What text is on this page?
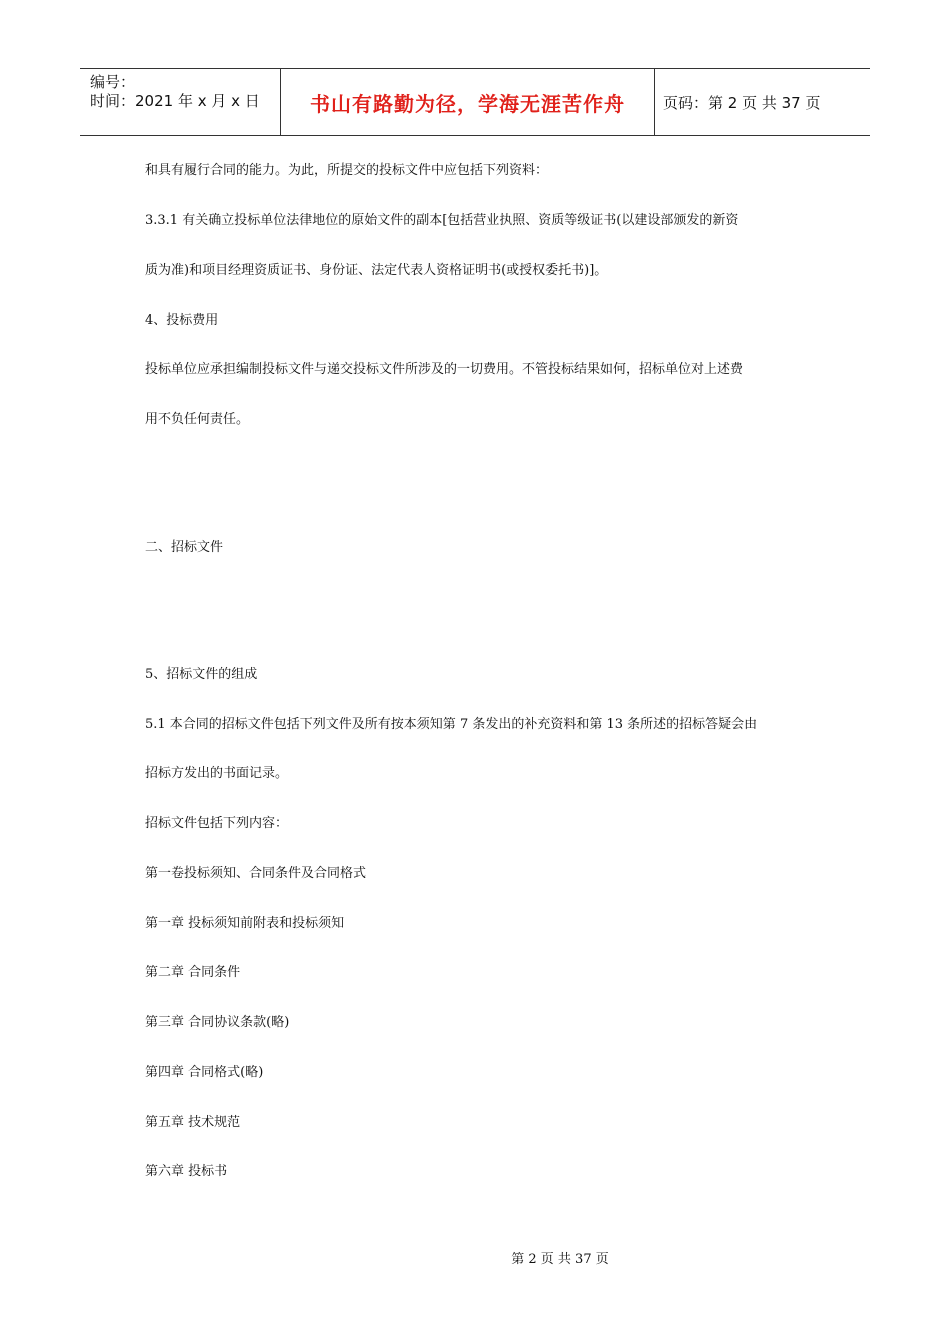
编号：
时间：2021 年 x 月 x 日	书山有路勤为径，学海无涯苦作舟	页码：第 2 页 共 37 页
和具有履行合同的能力。为此，所提交的投标文件中应包括下列资料：
3.3.1 有关确立投标单位法律地位的原始文件的副本[包括营业执照、资质等级证书(以建设部颁发的新资
质为准)和项目经理资质证书、身份证、法定代表人资格证明书(或授权委托书)]。
4、投标费用
投标单位应承担编制投标文件与递交投标文件所涉及的一切费用。不管投标结果如何，招标单位对上述费
用不负任何责任。
二、招标文件
5、招标文件的组成
5.1 本合同的招标文件包括下列文件及所有按本须知第 7 条发出的补充资料和第 13 条所述的招标答疑会由
招标方发出的书面记录。
招标文件包括下列内容：
第一卷投标须知、合同条件及合同格式
第一章 投标须知前附表和投标须知
第二章 合同条件
第三章 合同协议条款(略)
第四章 合同格式(略)
第五章 技术规范
第六章 投标书
第 2 页 共 37 页
